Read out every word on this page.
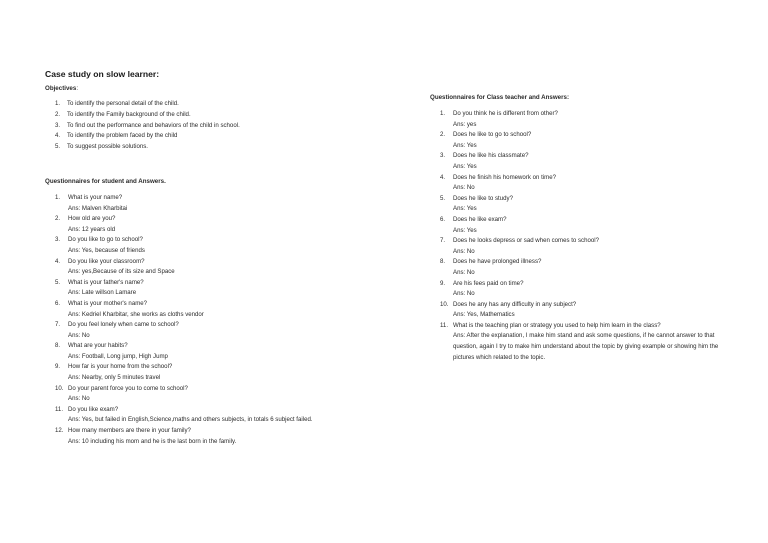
Case study on slow learner:
Objectives:
1. To identify the personal detail of the child.
2. To identify the Family background of the child.
3. To find out the performance and behaviors of the child in school.
4. To identify the problem faced by the child
5. To suggest possible solutions.
Questionnaires for student and Answers.
1. What is your name?
Ans: Malven Kharbitai
2. How old are you?
Ans: 12 years old
3. Do you like to go to school?
Ans: Yes, because of friends
4. Do you like your classroom?
Ans: yes,Because of its size and Space
5. What is your father's name?
Ans: Late willson Lamare
6. What is your mother's name?
Ans: Kedriel Kharbitar, she works as cloths vendor
7. Do you feel lonely when came to school?
Ans: No
8. What are your habits?
Ans: Football, Long jump, High Jump
9. How far is your home from the school?
Ans: Nearby, only 5 minutes travel
10. Do your parent force you to come to school?
Ans: No
11. Do you like exam?
Ans: Yes, but failed in English,Science,maths and others subjects, in totals 6 subject failed.
12. How many members are there in your family?
Ans: 10 including his mom and he is the last born in the family.
Questionnaires for Class teacher and Answers:
1. Do you think he is different from other?
Ans: yes
2. Does he like to go to school?
Ans: Yes
3. Does he like his classmate?
Ans: Yes
4. Does he finish his homework on time?
Ans: No
5. Does he like to study?
Ans: Yes
6. Does he like exam?
Ans: Yes
7. Does he looks depress or sad when comes to school?
Ans: No
8. Does he have prolonged illness?
Ans: No
9. Are his fees paid on time?
Ans: No
10. Does he any has any difficulty in any subject?
Ans: Yes, Mathematics
11. What is the teaching plan or strategy you used to help him learn in the class?
Ans: After the explanation, I make him stand and ask some questions, if he cannot answer to that question, again I try to make him understand about the topic by giving example or showing him the pictures which related to the topic.
